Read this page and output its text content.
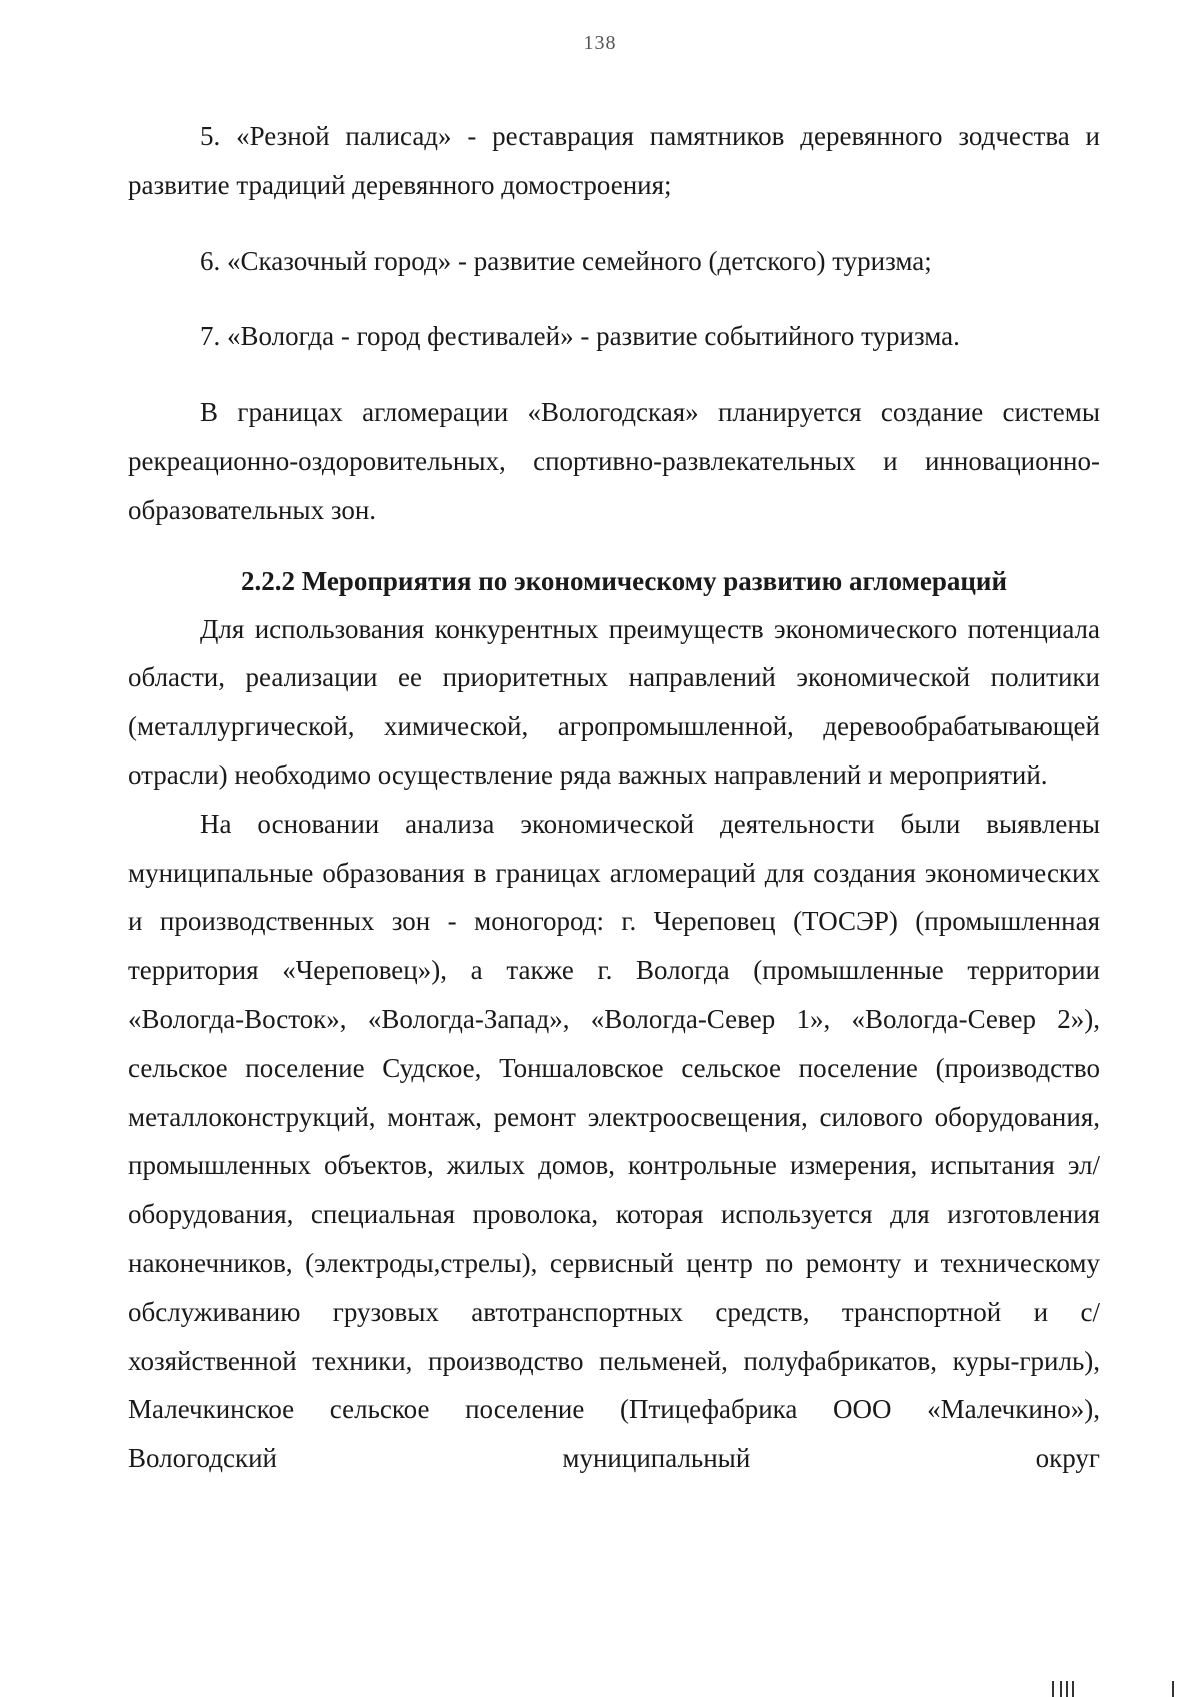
138

5. «Резной палисад» - реставрация памятников деревянного зодчества и развитие традиций деревянного домостроения;

6. «Сказочный город» - развитие семейного (детского) туризма;

7. «Вологда - город фестивалей» - развитие событийного туризма.

В границах агломерации «Вологодская» планируется создание системы рекреационно-оздоровительных, спортивно-развлекательных и инновационно-образовательных зон.

2.2.2 Мероприятия по экономическому развитию агломераций

Для использования конкурентных преимуществ экономического потенциала области, реализации ее приоритетных направлений экономической политики (металлургической, химической, агропромышленной, деревообрабатывающей отрасли) необходимо осуществление ряда важных направлений и мероприятий.

На основании анализа экономической деятельности были выявлены муниципальные образования в границах агломераций для создания экономических и производственных зон - моногород: г. Череповец (ТОСЭР) (промышленная территория «Череповец»), а также г. Вологда (промышленные территории «Вологда-Восток», «Вологда-Запад», «Вологда-Север 1», «Вологда-Север 2»), сельское поселение Судское, Тоншаловское сельское поселение (производство металлоконструкций, монтаж, ремонт электроосвещения, силового оборудования, промышленных объектов, жилых домов, контрольные измерения, испытания эл/оборудования, специальная проволока, которая используется для изготовления наконечников, (электроды,стрелы), сервисный центр по ремонту и техническому обслуживанию грузовых автотранспортных средств, транспортной и с/хозяйственной техники, производство пельменей, полуфабрикатов, куры-гриль), Малечкинское сельское поселение (Птицефабрика ООО «Малечкино»), Вологодский муниципальный округ
